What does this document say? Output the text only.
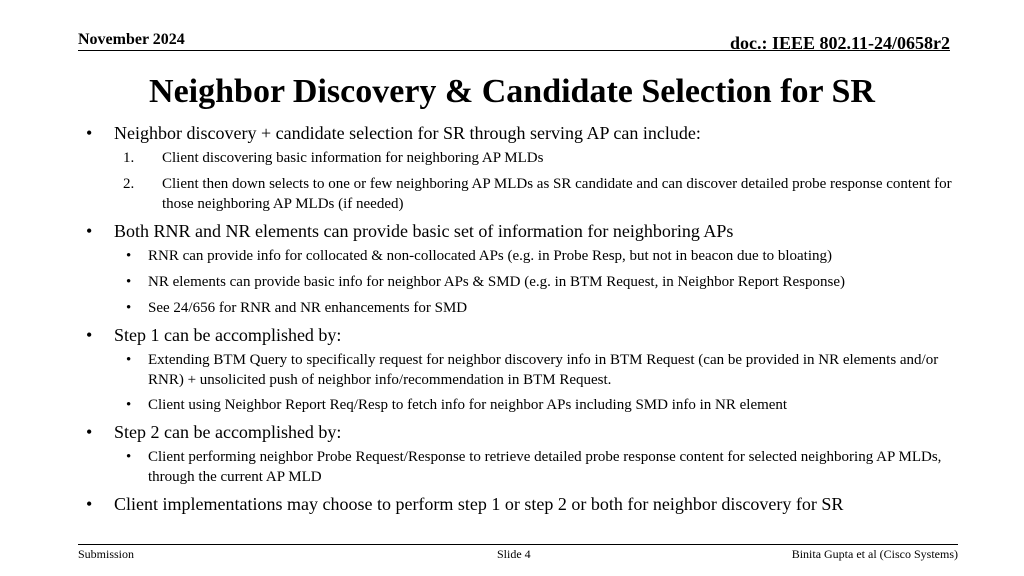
November 2024	doc.: IEEE 802.11-24/0658r2
Neighbor Discovery & Candidate Selection for SR
• Neighbor discovery + candidate selection for SR through serving AP can include:
1. Client discovering basic information for neighboring AP MLDs
2. Client then down selects to one or few neighboring AP MLDs as SR candidate and can discover detailed probe response content for those neighboring AP MLDs (if needed)
• Both RNR and NR elements can provide basic set of information for neighboring APs
• RNR can provide info for collocated & non-collocated APs (e.g. in Probe Resp, but not in beacon due to bloating)
• NR elements can provide basic info for neighbor APs & SMD (e.g. in BTM Request, in Neighbor Report Response)
• See 24/656 for RNR and NR enhancements for SMD
• Step 1 can be accomplished by:
• Extending BTM Query to specifically request for neighbor discovery info in BTM Request (can be provided in NR elements and/or RNR) + unsolicited push of neighbor info/recommendation in BTM Request.
• Client using Neighbor Report Req/Resp to fetch info for neighbor APs including SMD info in NR element
• Step 2 can be accomplished by:
• Client performing neighbor Probe Request/Response to retrieve detailed probe response content for selected neighboring AP MLDs, through the current AP MLD
• Client implementations may choose to perform step 1 or step 2 or both for neighbor discovery for SR
Submission	Slide 4	Binita Gupta et al (Cisco Systems)
